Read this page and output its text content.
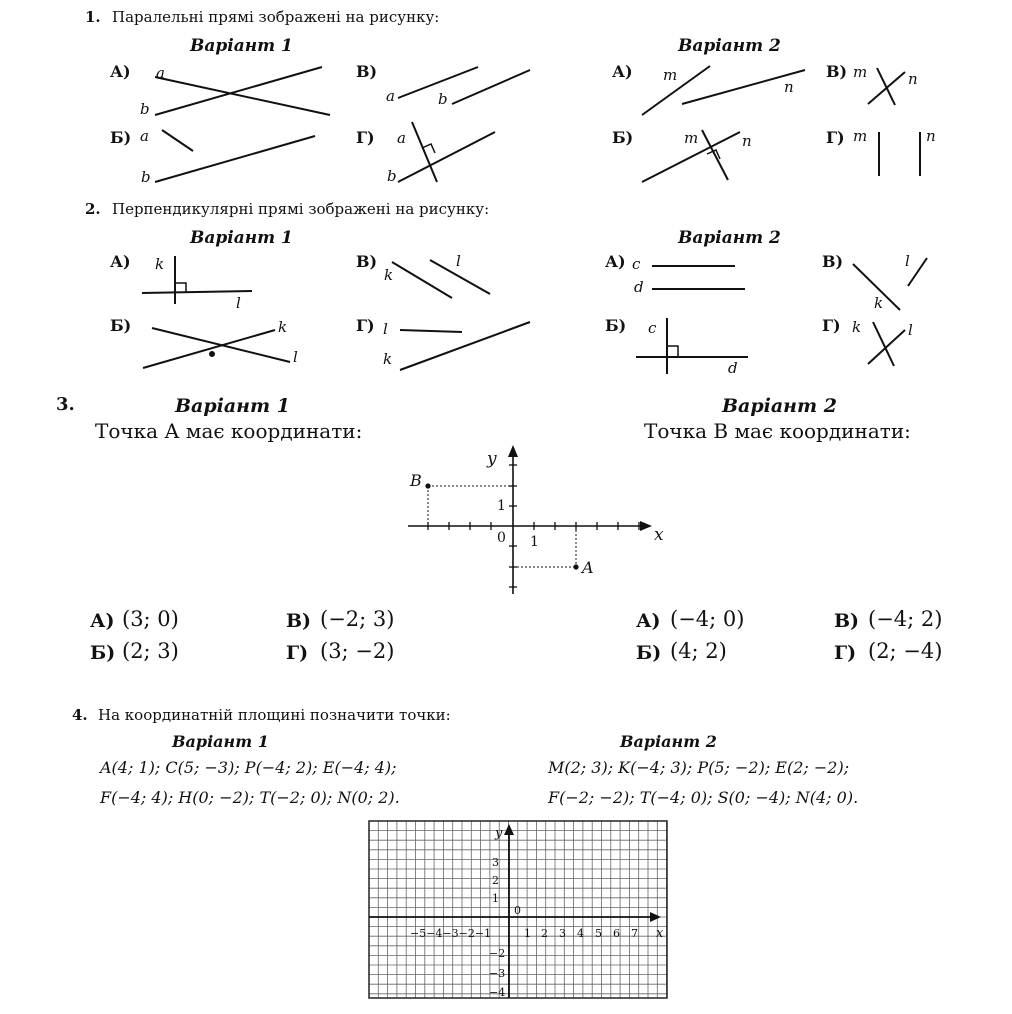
1. Паралельні прямі зображені на рисунку:
Варіант 1	Варіант 2
А)
Б)
В)
Г)
А)
Б)
В)
Г)
a
b
a
b
a	b
a
b
m
n
m	n
m	n	m	n
2. Перпендикулярні прямі зображені на рисунку:
Варіант 1	Варіант 2
А)
Б)
В)
Г)
А)
Б)
В)
Г)
k
l
k
l
k
l
l
k
c
d
c
d
l
k
k	l
3.	Варіант 1	Варіант 2
Точка А має координати:	Точка В має координати:
y
x
0
1
1
B
A
А) (3; 0)
Б) (2; 3)
В) (−2; 3)
Г) (3; −2)
А) (−4; 0)
Б) (4; 2)
В) (−4; 2)
Г) (2; −4)
4. На координатній площині позначити точки:
Варіант 1	Варіант 2
A(4; 1); C(5; −3); P(−4; 2); E(−4; 4);
F(−4; 4); H(0; −2); T(−2; 0); N(0; 2).
M(2; 3); K(−4; 3); P(5; −2); E(2; −2);
F(−2; −2); T(−4; 0); S(0; −4); N(4; 0).
y
x
0
3
2
1
−2
−3
−4
−5−4−3−2−1	1 2 3 4 5 6 7
